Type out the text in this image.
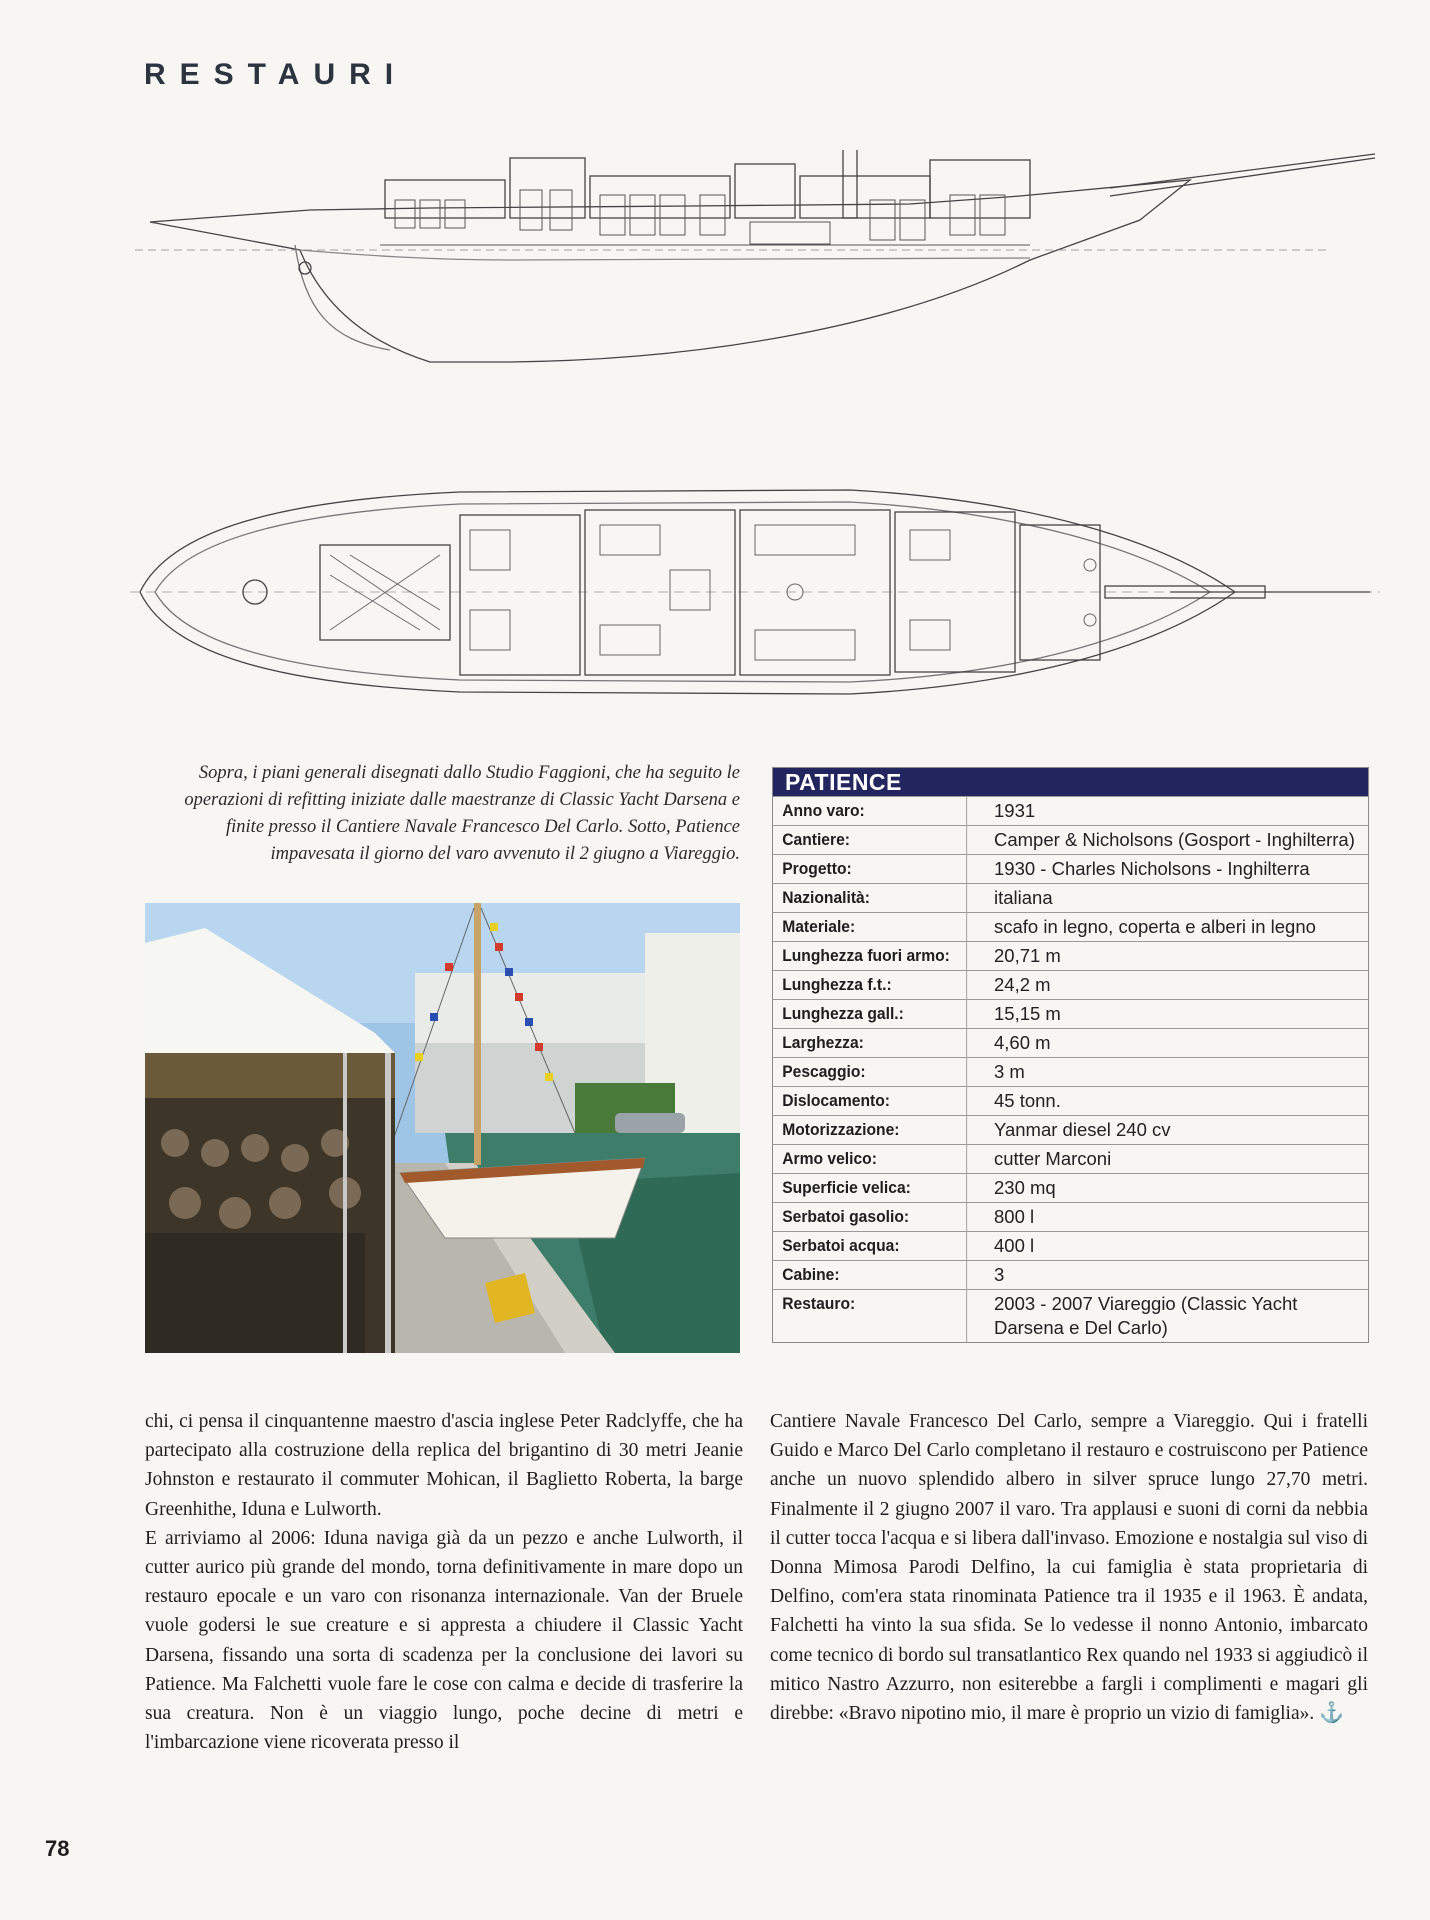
RESTAURI

Sopra, i piani generali disegnati dallo Studio Faggioni, che ha seguito le operazioni di refitting iniziate dalle maestranze di Classic Yacht Darsena e finite presso il Cantiere Navale Francesco Del Carlo. Sotto, Patience impavesata il giorno del varo avvenuto il 2 giugno a Viareggio.

PATIENCE
Anno varo:	1931
Cantiere:	Camper & Nicholsons (Gosport - Inghilterra)
Progetto:	1930 - Charles Nicholsons - Inghilterra
Nazionalità:	italiana
Materiale:	scafo in legno, coperta e alberi in legno
Lunghezza fuori armo:	20,71 m
Lunghezza f.t.:	24,2 m
Lunghezza gall.:	15,15 m
Larghezza:	4,60 m
Pescaggio:	3 m
Dislocamento:	45 tonn.
Motorizzazione:	Yanmar diesel 240 cv
Armo velico:	cutter Marconi
Superficie velica:	230 mq
Serbatoi gasolio:	800 l
Serbatoi acqua:	400 l
Cabine:	3
Restauro:	2003 - 2007 Viareggio (Classic Yacht Darsena e Del Carlo)

chi, ci pensa il cinquantenne maestro d'ascia inglese Peter Radclyffe, che ha partecipato alla costruzione della replica del brigantino di 30 metri Jeanie Johnston e restaurato il commuter Mohican, il Baglietto Roberta, la barge Greenhithe, Iduna e Lulworth.

E arriviamo al 2006: Iduna naviga già da un pezzo e anche Lulworth, il cutter aurico più grande del mondo, torna definitivamente in mare dopo un restauro epocale e un varo con risonanza internazionale. Van der Bruele vuole godersi le sue creature e si appresta a chiudere il Classic Yacht Darsena, fissando una sorta di scadenza per la conclusione dei lavori su Patience. Ma Falchetti vuole fare le cose con calma e decide di trasferire la sua creatura. Non è un viaggio lungo, poche decine di metri e l'imbarcazione viene ricoverata presso il

Cantiere Navale Francesco Del Carlo, sempre a Viareggio. Qui i fratelli Guido e Marco Del Carlo completano il restauro e costruiscono per Patience anche un nuovo splendido albero in silver spruce lungo 27,70 metri. Finalmente il 2 giugno 2007 il varo. Tra applausi e suoni di corni da nebbia il cutter tocca l'acqua e si libera dall'invaso. Emozione e nostalgia sul viso di Donna Mimosa Parodi Delfino, la cui famiglia è stata proprietaria di Delfino, com'era stata rinominata Patience tra il 1935 e il 1963. È andata, Falchetti ha vinto la sua sfida. Se lo vedesse il nonno Antonio, imbarcato come tecnico di bordo sul transatlantico Rex quando nel 1933 si aggiudicò il mitico Nastro Azzurro, non esiterebbe a fargli i complimenti e magari gli direbbe: «Bravo nipotino mio, il mare è proprio un vizio di famiglia». ⚓

78
